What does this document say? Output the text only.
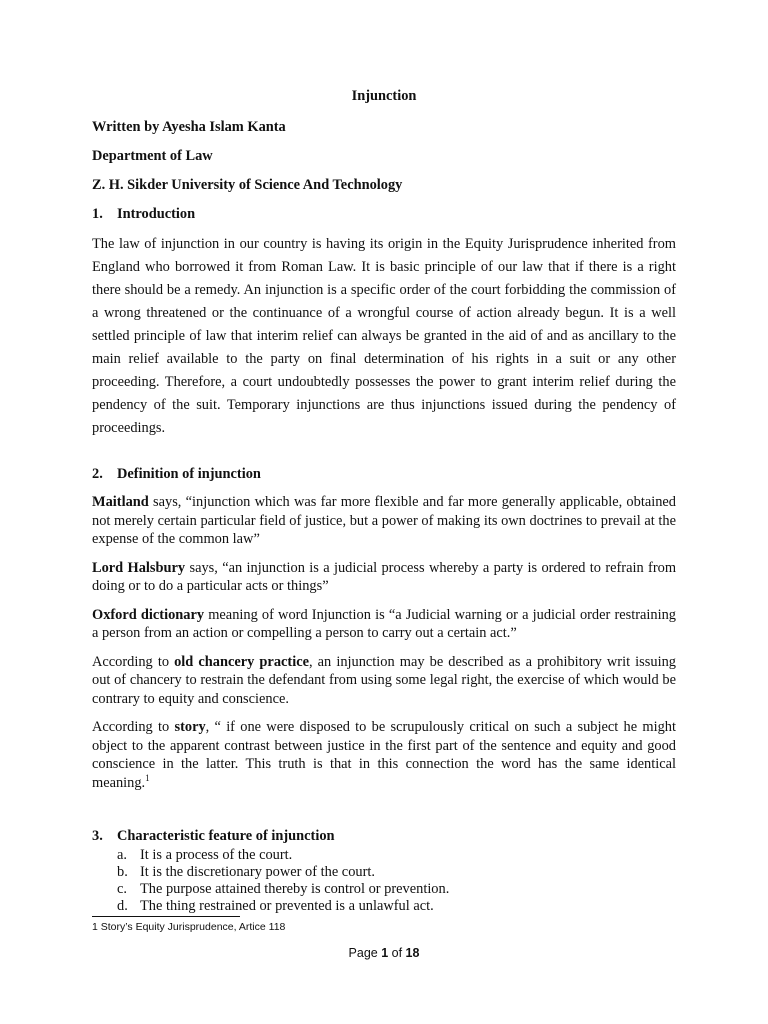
Injunction
Written by Ayesha Islam Kanta
Department of Law
Z. H. Sikder University of Science And Technology
1. Introduction

The law of injunction in our country is having its origin in the Equity Jurisprudence inherited from England who borrowed it from Roman Law. It is basic principle of our law that if there is a right there should be a remedy. An injunction is a specific order of the court forbidding the commission of a wrong threatened or the continuance of a wrongful course of action already begun. It is a well settled principle of law that interim relief can always be granted in the aid of and as ancillary to the main relief available to the party on final determination of his rights in a suit or any other proceeding. Therefore, a court undoubtedly possesses the power to grant interim relief during the pendency of the suit. Temporary injunctions are thus injunctions issued during the pendency of proceedings.

2. Definition of injunction

Maitland says, “injunction which was far more flexible and far more generally applicable, obtained not merely certain particular field of justice, but a power of making its own doctrines to prevail at the expense of the common law”

Lord Halsbury says, “an injunction is a judicial process whereby a party is ordered to refrain from doing or to do a particular acts or things”

Oxford dictionary meaning of word Injunction is “a Judicial warning or a judicial order restraining a person from an action or compelling a person to carry out a certain act.”

According to old chancery practice, an injunction may be described as a prohibitory writ issuing out of chancery to restrain the defendant from using some legal right, the exercise of which would be contrary to equity and conscience.

According to story, “ if one were disposed to be scrupulously critical on such a subject he might object to the apparent contrast between justice in the first part of the sentence and equity and good conscience in the latter. This truth is that in this connection the word has the same identical meaning.$^1$

3. Characteristic feature of injunction
a. It is a process of the court.
b. It is the discretionary power of the court.
c. The purpose attained thereby is control or prevention.
d. The thing restrained or prevented is a unlawful act.
1 Story’s Equity Jurisprudence, Artice 118
Page 1 of 18
